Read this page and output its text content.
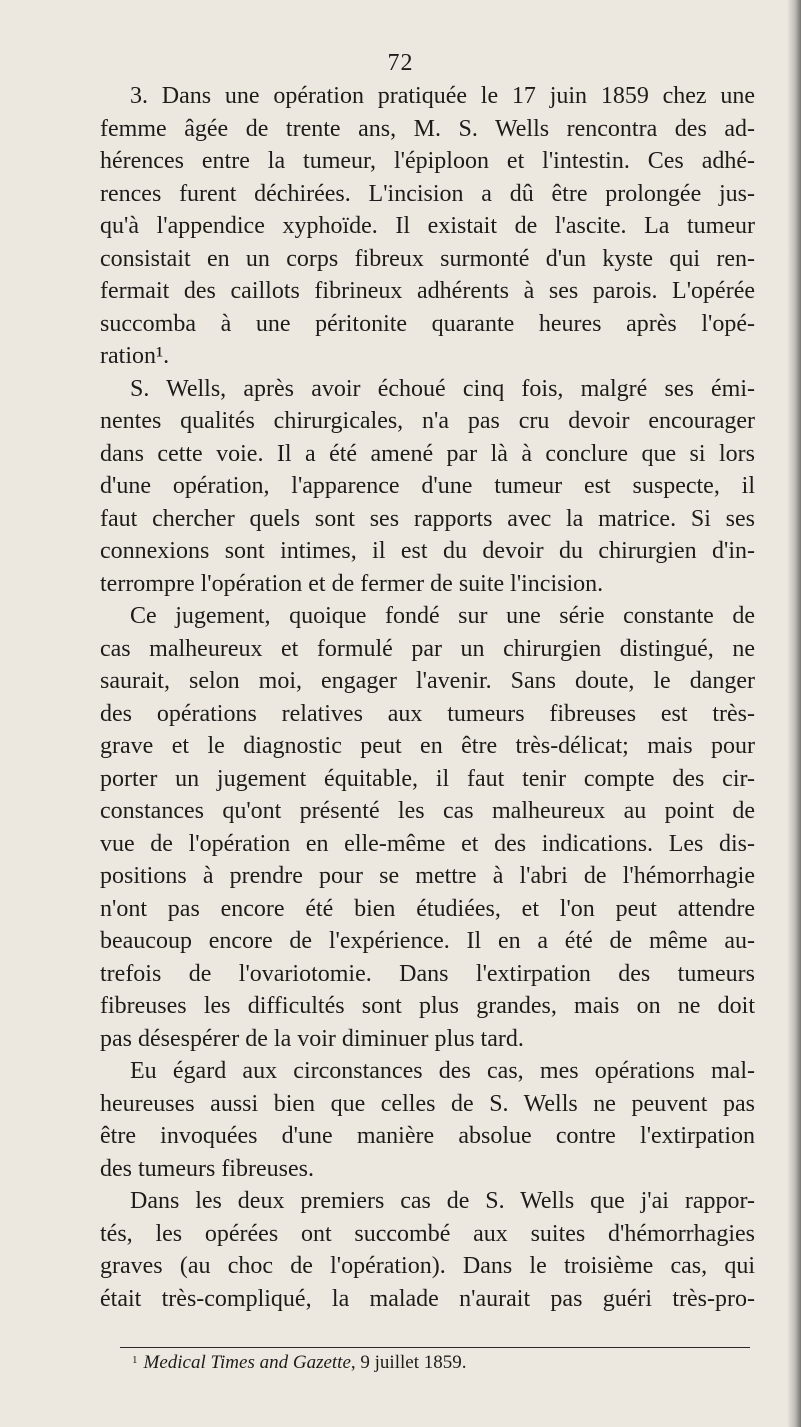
72

3. Dans une opération pratiquée le 17 juin 1859 chez une
femme âgée de trente ans, M. S. Wells rencontra des ad-
hérences entre la tumeur, l'épiploon et l'intestin. Ces adhé-
rences furent déchirées. L'incision a dû être prolongée jus-
qu'à l'appendice xyphoïde. Il existait de l'ascite. La tumeur
consistait en un corps fibreux surmonté d'un kyste qui ren-
fermait des caillots fibrineux adhérents à ses parois. L'opérée
succomba à une péritonite quarante heures après l'opé-
ration¹.

S. Wells, après avoir échoué cinq fois, malgré ses émi-
nentes qualités chirurgicales, n'a pas cru devoir encourager
dans cette voie. Il a été amené par là à conclure que si lors
d'une opération, l'apparence d'une tumeur est suspecte, il
faut chercher quels sont ses rapports avec la matrice. Si ses
connexions sont intimes, il est du devoir du chirurgien d'in-
terrompre l'opération et de fermer de suite l'incision.

Ce jugement, quoique fondé sur une série constante de
cas malheureux et formulé par un chirurgien distingué, ne
saurait, selon moi, engager l'avenir. Sans doute, le danger
des opérations relatives aux tumeurs fibreuses est très-
grave et le diagnostic peut en être très-délicat; mais pour
porter un jugement équitable, il faut tenir compte des cir-
constances qu'ont présenté les cas malheureux au point de
vue de l'opération en elle-même et des indications. Les dis-
positions à prendre pour se mettre à l'abri de l'hémorrhagie
n'ont pas encore été bien étudiées, et l'on peut attendre
beaucoup encore de l'expérience. Il en a été de même au-
trefois de l'ovariotomie. Dans l'extirpation des tumeurs
fibreuses les difficultés sont plus grandes, mais on ne doit
pas désespérer de la voir diminuer plus tard.

Eu égard aux circonstances des cas, mes opérations mal-
heureuses aussi bien que celles de S. Wells ne peuvent pas
être invoquées d'une manière absolue contre l'extirpation
des tumeurs fibreuses.

Dans les deux premiers cas de S. Wells que j'ai rappor-
tés, les opérées ont succombé aux suites d'hémorrhagies
graves (au choc de l'opération). Dans le troisième cas, qui
était très-compliqué, la malade n'aurait pas guéri très-pro-

$^1$ Medical Times and Gazette, 9 juillet 1859.
